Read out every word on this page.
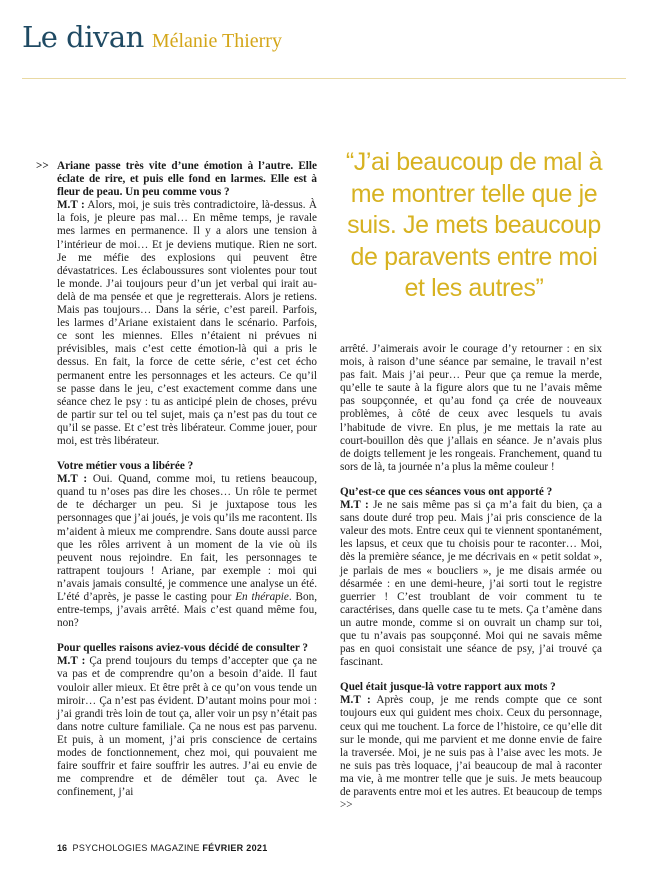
Le divan Mélanie Thierry
“J’ai beaucoup de mal à me montrer telle que je suis. Je mets beaucoup de paravents entre moi et les autres”

>> Ariane passe très vite d’une émotion à l’autre. Elle éclate de rire, et puis elle fond en larmes. Elle est à fleur de peau. Un peu comme vous ?

M.T : Alors, moi, je suis très contradictoire, là-dessus. À la fois, je pleure pas mal… En même temps, je ravale mes larmes en permanence. Il y a alors une tension à l’intérieur de moi… Et je deviens mutique. Rien ne sort. Je me méfie des explosions qui peuvent être dévastatrices. Les éclaboussures sont violentes pour tout le monde. J’ai toujours peur d’un jet verbal qui irait au-delà de ma pensée et que je regretterais. Alors je retiens. Mais pas toujours… Dans la série, c’est pareil. Parfois, les larmes d’Ariane existaient dans le scénario. Parfois, ce sont les miennes. Elles n’étaient ni prévues ni prévisibles, mais c’est cette émotion-là qui a pris le dessus. En fait, la force de cette série, c’est cet écho permanent entre les personnages et les acteurs. Ce qu’il se passe dans le jeu, c’est exactement comme dans une séance chez le psy : tu as anticipé plein de choses, prévu de partir sur tel ou tel sujet, mais ça n’est pas du tout ce qu’il se passe. Et c’est très libérateur. Comme jouer, pour moi, est très libérateur.

Votre métier vous a libérée ?

M.T : Oui. Quand, comme moi, tu retiens beaucoup, quand tu n’oses pas dire les choses… Un rôle te permet de te décharger un peu. Si je juxtapose tous les personnages que j’ai joués, je vois qu’ils me racontent. Ils m’aident à mieux me comprendre. Sans doute aussi parce que les rôles arrivent à un moment de la vie où ils peuvent nous rejoindre. En fait, les personnages te rattrapent toujours ! Ariane, par exemple : moi qui n’avais jamais consulté, je commence une analyse un été. L’été d’après, je passe le casting pour En thérapie. Bon, entre-temps, j’avais arrêté. Mais c’est quand même fou, non?

Pour quelles raisons aviez-vous décidé de consulter ?

M.T : Ça prend toujours du temps d’accepter que ça ne va pas et de comprendre qu’on a besoin d’aide. Il faut vouloir aller mieux. Et être prêt à ce qu’on vous tende un miroir… Ça n’est pas évident. D’autant moins pour moi : j’ai grandi très loin de tout ça, aller voir un psy n’était pas dans notre culture familiale. Ça ne nous est pas parvenu. Et puis, à un moment, j’ai pris conscience de certains modes de fonctionnement, chez moi, qui pouvaient me faire souffrir et faire souffrir les autres. J’ai eu envie de me comprendre et de démêler tout ça. Avec le confinement, j’ai

arrêté. J’aimerais avoir le courage d’y retourner : en six mois, à raison d’une séance par semaine, le travail n’est pas fait. Mais j’ai peur… Peur que ça remue la merde, qu’elle te saute à la figure alors que tu ne l’avais même pas soupçonnée, et qu’au fond ça crée de nouveaux problèmes, à côté de ceux avec lesquels tu avais l’habitude de vivre. En plus, je me mettais la rate au court-bouillon dès que j’allais en séance. Je n’avais plus de doigts tellement je les rongeais. Franchement, quand tu sors de là, ta journée n’a plus la même couleur !

Qu’est-ce que ces séances vous ont apporté ?

M.T : Je ne sais même pas si ça m’a fait du bien, ça a sans doute duré trop peu. Mais j’ai pris conscience de la valeur des mots. Entre ceux qui te viennent spontanément, les lapsus, et ceux que tu choisis pour te raconter… Moi, dès la première séance, je me décrivais en « petit soldat », je parlais de mes « boucliers », je me disais armée ou désarmée : en une demi-heure, j’ai sorti tout le registre guerrier ! C’est troublant de voir comment tu te caractérises, dans quelle case tu te mets. Ça t’amène dans un autre monde, comme si on ouvrait un champ sur toi, que tu n’avais pas soupçonné. Moi qui ne savais même pas en quoi consistait une séance de psy, j’ai trouvé ça fascinant.

Quel était jusque-là votre rapport aux mots ?

M.T : Après coup, je me rends compte que ce sont toujours eux qui guident mes choix. Ceux du personnage, ceux qui me touchent. La force de l’histoire, ce qu’elle dit sur le monde, qui me parvient et me donne envie de faire la traversée. Moi, je ne suis pas à l’aise avec les mots. Je ne suis pas très loquace, j’ai beaucoup de mal à raconter ma vie, à me montrer telle que je suis. Je mets beaucoup de paravents entre moi et les autres. Et beaucoup de temps >>

16 PSYCHOLOGIES MAGAZINE FÉVRIER 2021
